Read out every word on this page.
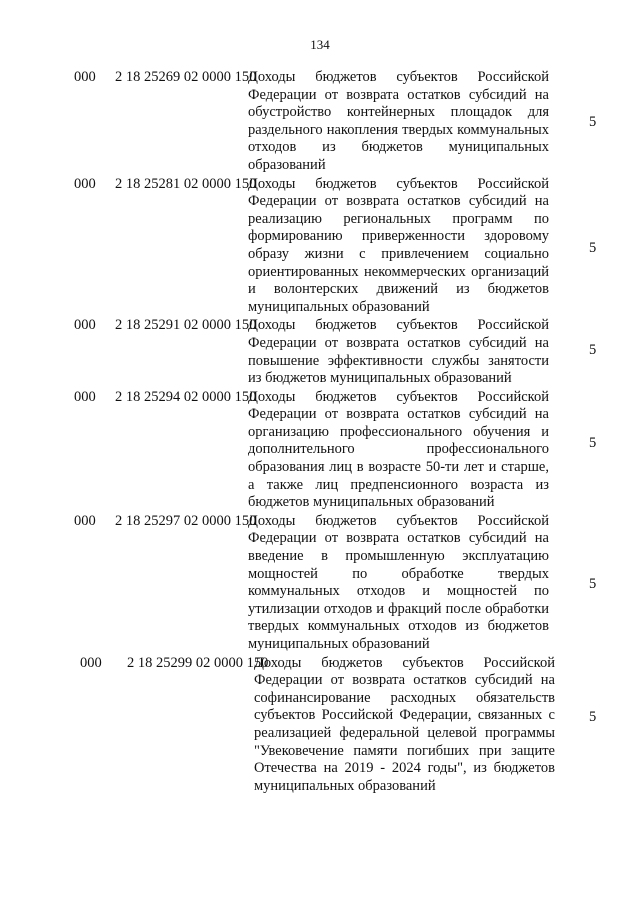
134
000	2 18 25269 02 0000 150
Доходы бюджетов субъектов Российской Федерации от возврата остатков субсидий на обустройство контейнерных площадок для раздельного накопления твердых коммунальных отходов из бюджетов муниципальных образований
5
000	2 18 25281 02 0000 150
Доходы бюджетов субъектов Российской Федерации от возврата остатков субсидий на реализацию региональных программ по формированию приверженности здоровому образу жизни с привлечением социально ориентированных некоммерческих организаций и волонтерских движений из бюджетов муниципальных образований
5
000	2 18 25291 02 0000 150
Доходы бюджетов субъектов Российской Федерации от возврата остатков субсидий на повышение эффективности службы занятости из бюджетов муниципальных образований
5
000	2 18 25294 02 0000 150
Доходы бюджетов субъектов Российской Федерации от возврата остатков субсидий на организацию профессионального обучения и дополнительного профессионального образования лиц в возрасте 50-ти лет и старше, а также лиц предпенсионного возраста из бюджетов муниципальных образований
5
000	2 18 25297 02 0000 150
Доходы бюджетов субъектов Российской Федерации от возврата остатков субсидий на введение в промышленную эксплуатацию мощностей по обработке твердых коммунальных отходов и мощностей по утилизации отходов и фракций после обработки твердых коммунальных отходов из бюджетов муниципальных образований
5
000	2 18 25299 02 0000 150
Доходы бюджетов субъектов Российской Федерации от возврата остатков субсидий на софинансирование расходных обязательств субъектов Российской Федерации, связанных с реализацией федеральной целевой программы "Увековечение памяти погибших при защите Отечества на 2019 - 2024 годы", из бюджетов муниципальных образований
5
